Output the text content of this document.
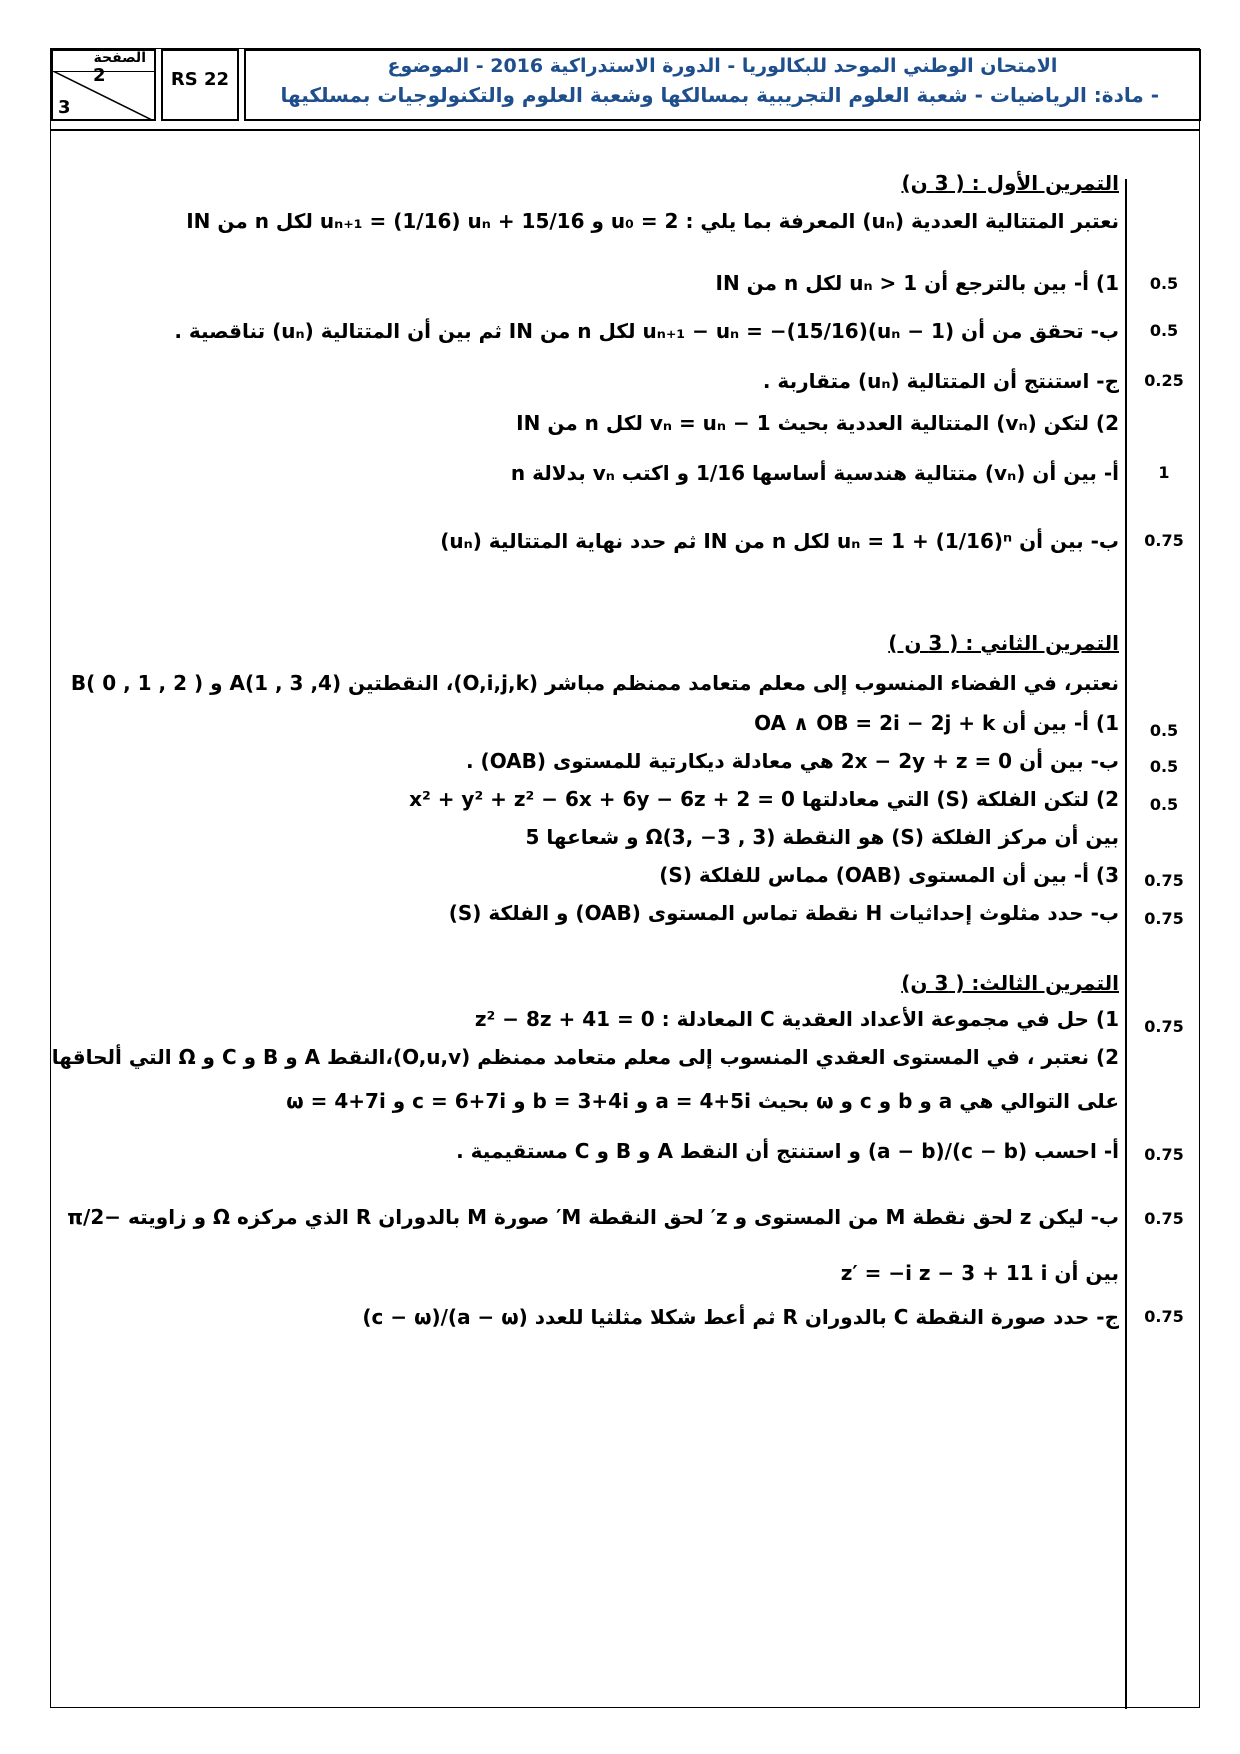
الصفحة
2
3
RS 22
الامتحان الوطني الموحد للبكالوريا - الدورة الاستدراكية 2016 - الموضوع
- مادة: الرياضيات - شعبة العلوم التجريبية بمسالكها وشعبة العلوم والتكنولوجيات بمسلكيها
التمرين الأول : ( 3 ن)
نعتبر المتتالية العددية (uₙ) المعرفة بما يلي : u₀ = 2 و uₙ₊₁ = (1/16) uₙ + 15/16 لكل n من IN
1) أ- بين بالترجع أن uₙ > 1 لكل n من IN	0.5
ب- تحقق من أن uₙ₊₁ − uₙ = −(15/16)(uₙ − 1) لكل n من IN ثم بين أن المتتالية (uₙ) تناقصية .	0.5
ج- استنتج أن المتتالية (uₙ) متقاربة .	0.25
2) لتكن (vₙ) المتتالية العددية بحيث vₙ = uₙ − 1 لكل n من IN
أ- بين أن (vₙ) متتالية هندسية أساسها 1/16 و اكتب vₙ بدلالة n	1
ب- بين أن uₙ = 1 + (1/16)ⁿ لكل n من IN ثم حدد نهاية المتتالية (uₙ)	0.75
التمرين الثاني : ( 3 ن )
نعتبر، في الفضاء المنسوب إلى معلم متعامد ممنظم مباشر (O,i,j,k)، النقطتين A(1 , 3 ,4) و B( 0 , 1 , 2 )
1) أ- بين أن OA ∧ OB = 2i − 2j + k	0.5
ب- بين أن 2x − 2y + z = 0 هي معادلة ديكارتية للمستوى (OAB) .	0.5
2) لتكن الفلكة (S) التي معادلتها x² + y² + z² − 6x + 6y − 6z + 2 = 0	0.5
بين أن مركز الفلكة (S) هو النقطة Ω(3, −3 , 3) و شعاعها 5
3) أ- بين أن المستوى (OAB) مماس للفلكة (S)	0.75
ب- حدد مثلوث إحداثيات H نقطة تماس المستوى (OAB) و الفلكة (S)	0.75
التمرين الثالث: ( 3 ن)
1) حل في مجموعة الأعداد العقدية C المعادلة : z² − 8z + 41 = 0	0.75
2) نعتبر ، في المستوى العقدي المنسوب إلى معلم متعامد ممنظم (O,u,v)،النقط A و B و C و Ω التي ألحاقها
على التوالي هي a و b و c و ω بحيث a = 4+5i و b = 3+4i و c = 6+7i و ω = 4+7i
أ- احسب (c − b)/(a − b) و استنتج أن النقط A و B و C مستقيمية .	0.75
ب- ليكن z لحق نقطة M من المستوى و z′ لحق النقطة M′ صورة M بالدوران R الذي مركزه Ω و زاويته −π/2	0.75
بين أن z′ = −i z − 3 + 11 i
ج- حدد صورة النقطة C بالدوران R ثم أعط شكلا مثلثيا للعدد (a − ω)/(c − ω)	0.75
